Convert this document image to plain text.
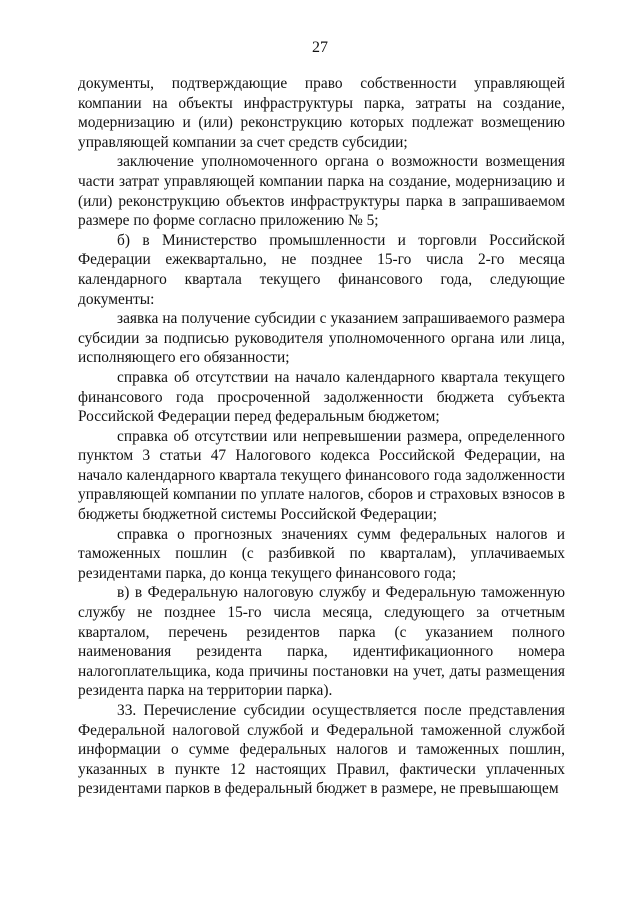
27

документы, подтверждающие право собственности управляющей компании на объекты инфраструктуры парка, затраты на создание, модернизацию и (или) реконструкцию которых подлежат возмещению управляющей компании за счет средств субсидии;

заключение уполномоченного органа о возможности возмещения части затрат управляющей компании парка на создание, модернизацию и (или) реконструкцию объектов инфраструктуры парка в запрашиваемом размере по форме согласно приложению № 5;

б) в Министерство промышленности и торговли Российской Федерации ежеквартально, не позднее 15-го числа 2-го месяца календарного квартала текущего финансового года, следующие документы:

заявка на получение субсидии с указанием запрашиваемого размера субсидии за подписью руководителя уполномоченного органа или лица, исполняющего его обязанности;

справка об отсутствии на начало календарного квартала текущего финансового года просроченной задолженности бюджета субъекта Российской Федерации перед федеральным бюджетом;

справка об отсутствии или непревышении размера, определенного пунктом 3 статьи 47 Налогового кодекса Российской Федерации, на начало календарного квартала текущего финансового года задолженности управляющей компании по уплате налогов, сборов и страховых взносов в бюджеты бюджетной системы Российской Федерации;

справка о прогнозных значениях сумм федеральных налогов и таможенных пошлин (с разбивкой по кварталам), уплачиваемых резидентами парка, до конца текущего финансового года;

в) в Федеральную налоговую службу и Федеральную таможенную службу не позднее 15-го числа месяца, следующего за отчетным кварталом, перечень резидентов парка (с указанием полного наименования резидента парка, идентификационного номера налогоплательщика, кода причины постановки на учет, даты размещения резидента парка на территории парка).

33. Перечисление субсидии осуществляется после представления Федеральной налоговой службой и Федеральной таможенной службой информации о сумме федеральных налогов и таможенных пошлин, указанных в пункте 12 настоящих Правил, фактически уплаченных резидентами парков в федеральный бюджет в размере, не превышающем
